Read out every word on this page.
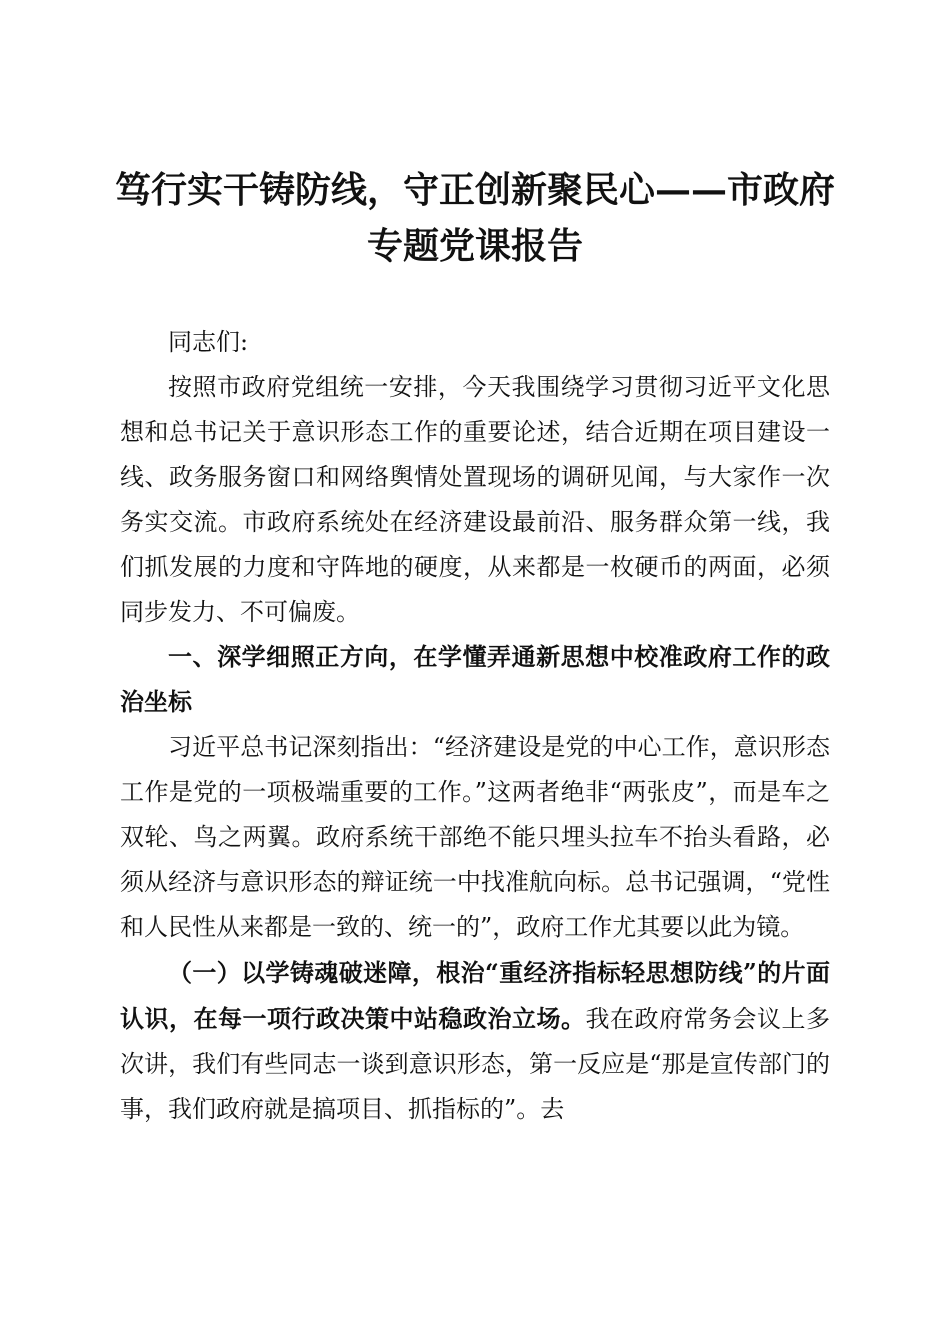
笃行实干铸防线，守正创新聚民心——市政府
专题党课报告

同志们:

按照市政府党组统一安排，今天我围绕学习贯彻习近平文化思想和总书记关于意识形态工作的重要论述，结合近期在项目建设一线、政务服务窗口和网络舆情处置现场的调研见闻，与大家作一次务实交流。市政府系统处在经济建设最前沿、服务群众第一线，我们抓发展的力度和守阵地的硬度，从来都是一枚硬币的两面，必须同步发力、不可偏废。

一、深学细照正方向，在学懂弄通新思想中校准政府工作的政治坐标

习近平总书记深刻指出：“经济建设是党的中心工作，意识形态工作是党的一项极端重要的工作。”这两者绝非“两张皮”，而是车之双轮、鸟之两翼。政府系统干部绝不能只埋头拉车不抬头看路，必须从经济与意识形态的辩证统一中找准航向标。总书记强调，“党性和人民性从来都是一致的、统一的”，政府工作尤其要以此为镜。

（一）以学铸魂破迷障，根治“重经济指标轻思想防线”的片面认识，在每一项行政决策中站稳政治立场。我在政府常务会议上多次讲，我们有些同志一谈到意识形态，第一反应是“那是宣传部门的事，我们政府就是搞项目、抓指标的”。去
